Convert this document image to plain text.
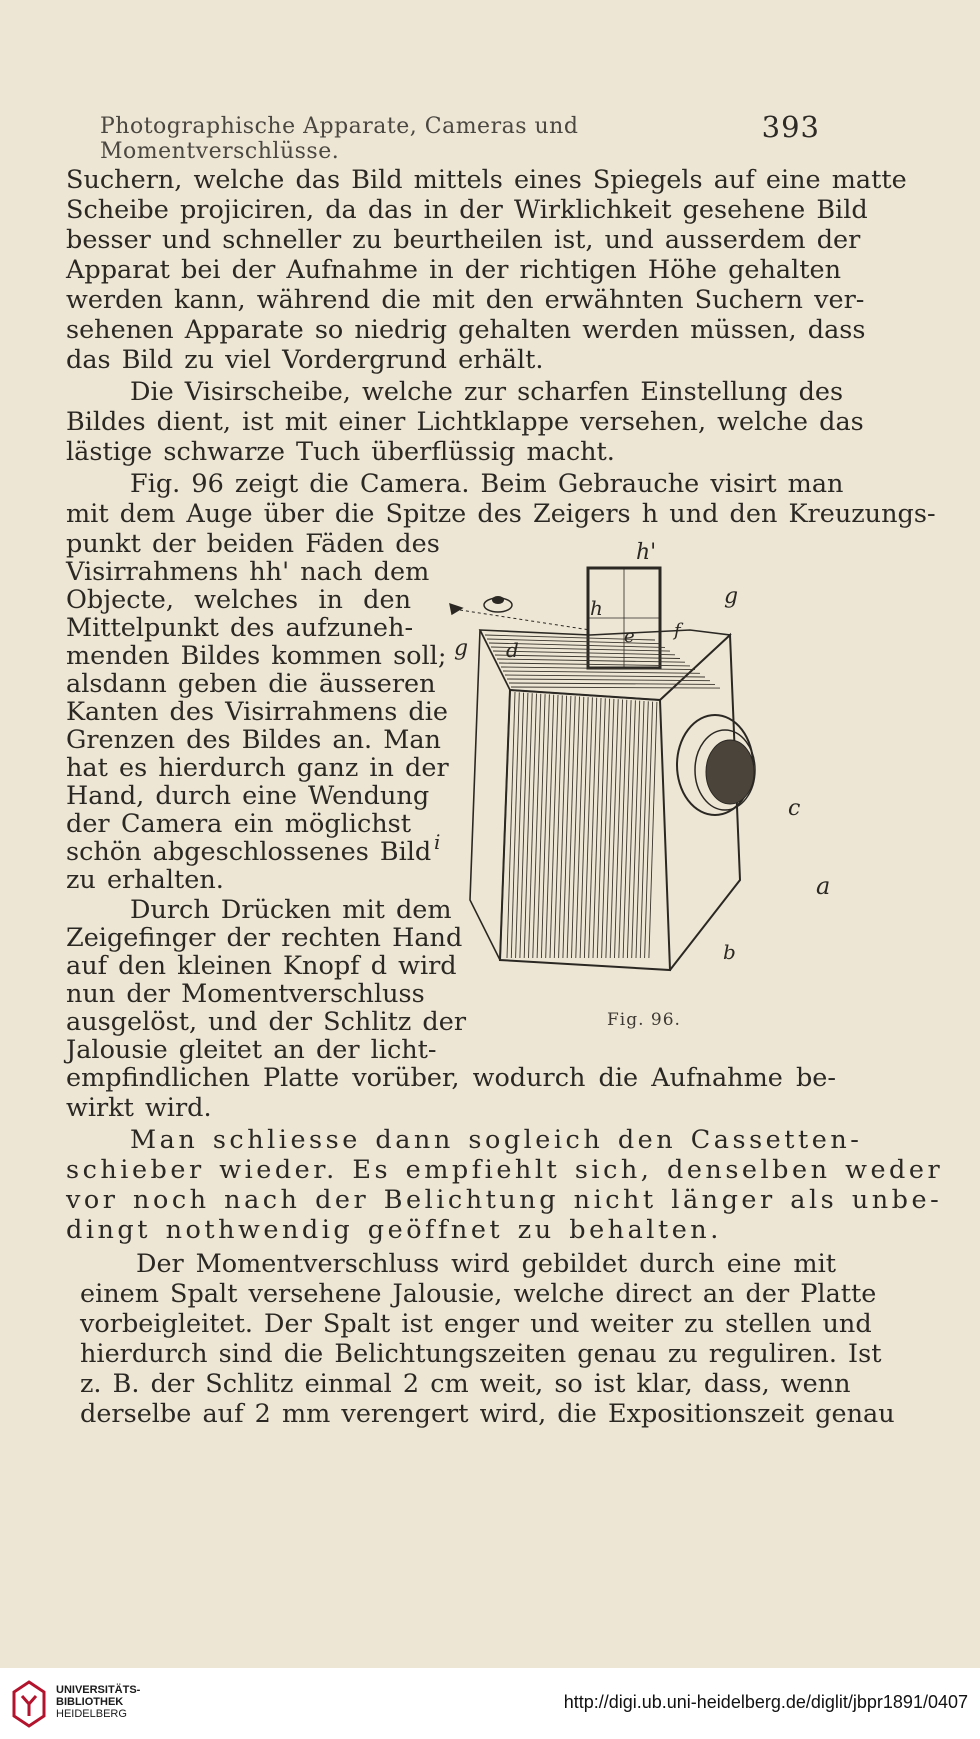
Photographische Apparate, Cameras und Momentverschlüsse.
393
Suchern, welche das Bild mittels eines Spiegels auf eine matte
Scheibe projiciren, da das in der Wirklichkeit gesehene Bild
besser und schneller zu beurtheilen ist, und ausserdem der
Apparat bei der Aufnahme in der richtigen Höhe gehalten
werden kann, während die mit den erwähnten Suchern ver-
sehenen Apparate so niedrig gehalten werden müssen, dass
das Bild zu viel Vordergrund erhält.
Die Visirscheibe, welche zur scharfen Einstellung des
Bildes dient, ist mit einer Lichtklappe versehen, welche das
lästige schwarze Tuch überflüssig macht.
Fig. 96 zeigt die Camera. Beim Gebrauche visirt man
mit dem Auge über die Spitze des Zeigers h und den Kreuzungs-
punkt der beiden Fäden des
Visirrahmens hh' nach dem
Objecte, welches in den
Mittelpunkt des aufzuneh-
menden Bildes kommen soll;
alsdann geben die äusseren
Kanten des Visirrahmens die
Grenzen des Bildes an. Man
hat es hierdurch ganz in der
Hand, durch eine Wendung
der Camera ein möglichst
schön abgeschlossenes Bild
zu erhalten.
Durch Drücken mit dem
Zeigefinger der rechten Hand
auf den kleinen Knopf d wird
nun der Momentverschluss
ausgelöst, und der Schlitz der
Jalousie gleitet an der licht-
empfindlichen Platte vorüber, wodurch die Aufnahme be-
wirkt wird.
Man schliesse dann sogleich den Cassetten-
schieber wieder. Es empfiehlt sich, denselben weder
vor noch nach der Belichtung nicht länger als unbe-
dingt nothwendig geöffnet zu behalten.
Der Momentverschluss wird gebildet durch eine mit
einem Spalt versehene Jalousie, welche direct an der Platte
vorbeigleitet. Der Spalt ist enger und weiter zu stellen und
hierdurch sind die Belichtungszeiten genau zu reguliren. Ist
z. B. der Schlitz einmal 2 cm weit, so ist klar, dass, wenn
derselbe auf 2 mm verengert wird, die Expositionszeit genau
h'
g
h
e f
g d
c
i
a
b
Fig. 96.
UNIVERSITÄTS-
BIBLIOTHEK
HEIDELBERG
http://digi.ub.uni-heidelberg.de/diglit/jbpr1891/0407
